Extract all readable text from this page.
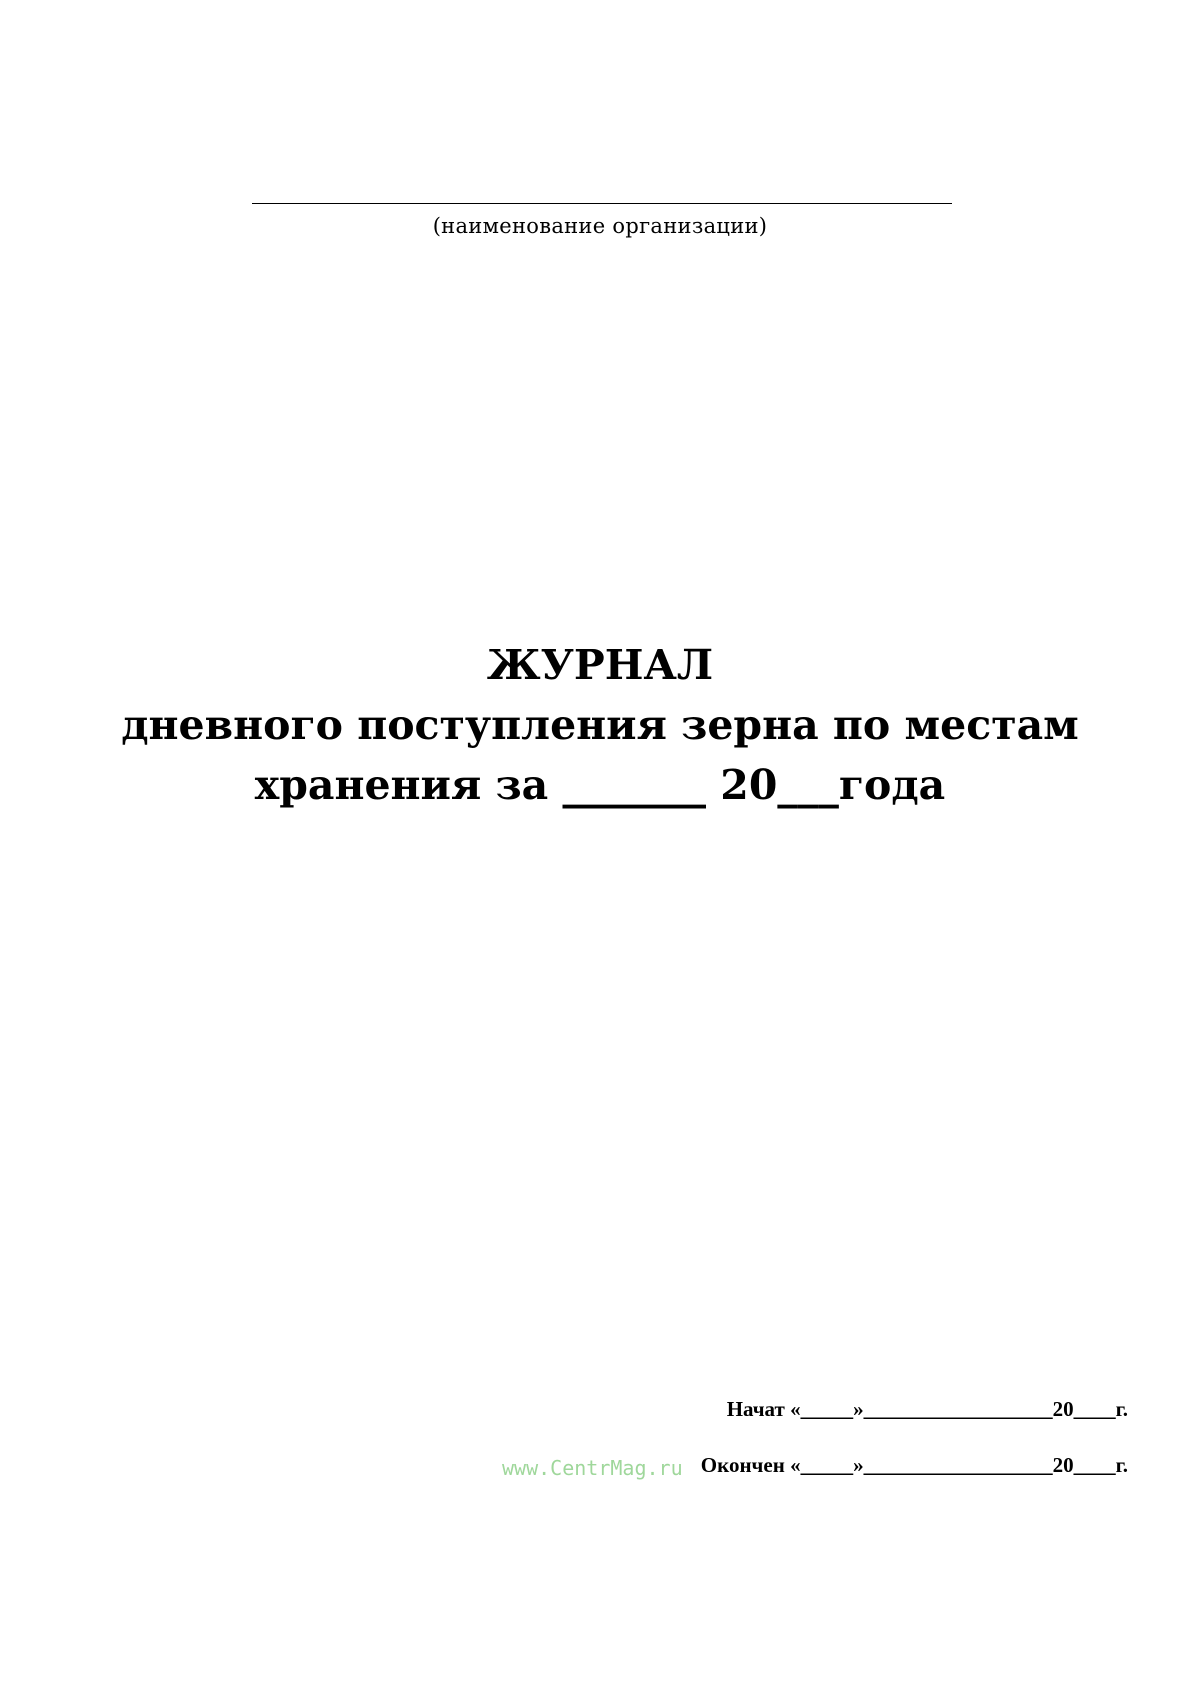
(наименование организации)
ЖУРНАЛ
дневного поступления зерна по местам
хранения за _______ 20___года
www.CentrMag.ru
Начат «_____»__________________20____г.
Окончен «_____»__________________20____г.
